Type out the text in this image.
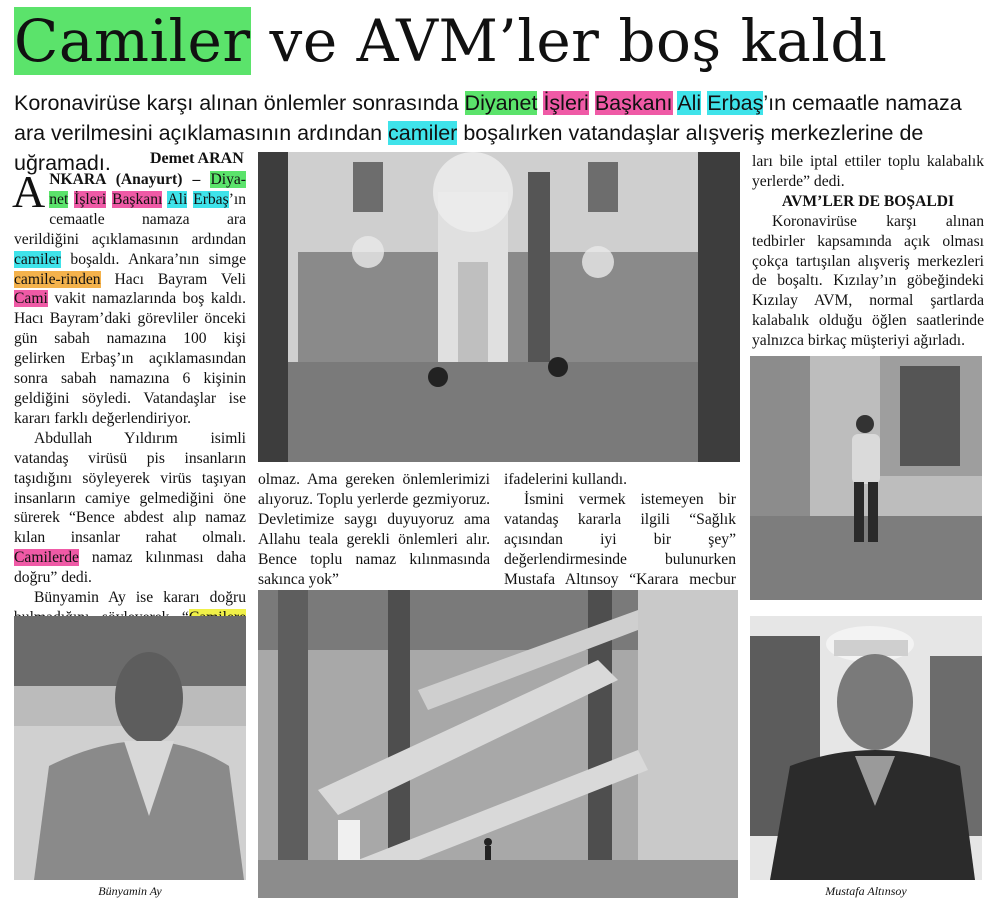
Camiler ve AVM’ler boş kaldı
Koronavirüse karşı alınan önlemler sonrasında Diyanet İşleri Başkanı Ali Erbaş’ın cemaatle namaza ara verilmesini açıklamasının ardından camiler boşalırken vatandaşlar alışveriş merkezlerine de uğramadı.	Demet ARAN

ANKARA (Anayurt) – Diya-net İşleri Başkanı Ali Erbaş’ın cemaatle namaza ara verildiğini açıklamasının ardından camiler boşaldı. Ankara’nın simge camile-rinden Hacı Bayram Veli Cami vakit namazlarında boş kaldı. Hacı Bayram’daki görevliler önceki gün sabah namazına 100 kişi gelirken Erbaş’ın açıklamasından sonra sabah namazına 6 kişinin geldiğini söyledi. Vatandaşlar ise kararı farklı değerlendiriyor.

Abdullah Yıldırım isimli vatandaş virüsü pis insanların taşıdığını söyleyerek virüs taşıyan insanların camiye gelmediğini öne sürerek “Bence abdest alıp namaz kılan insanlar rahat olmalı. Camilerde namaz kılınması daha doğru” dedi.

Bünyamin Ay ise kararı doğru

olmaz. Ama gereken önlemlerimizi alıyoruz. Toplu yerlerde gezmiyoruz. Devletimize saygı duyuyoruz ama Allahu teala gerekli önlemleri alır. Bence toplu namaz kılınmasında sakınca yok”

ifadelerini kullandı.

İsmini vermek istemeyen bir vatandaş kararla ilgili “Sağlık açısından iyi bir şey” değerlendirmesinde bulunurken Mustafa Altınsoy “Karara mecbur

ları bile iptal ettiler toplu kalabalık yerlerde” dedi.

AVM’LER DE BOŞALDI

Koronavirüse karşı alınan tedbirler kapsamında açık olması çokça tartışılan alışveriş merkezleri de boşaltı. Kızılay’ın göbeğindeki Kızılay AVM, normal şartlarda kalabalık olduğu öğlen saatlerinde yalnızca birkaç müşteriyi ağırladı.

Bünyamin Ay	Mustafa Altınsoy
